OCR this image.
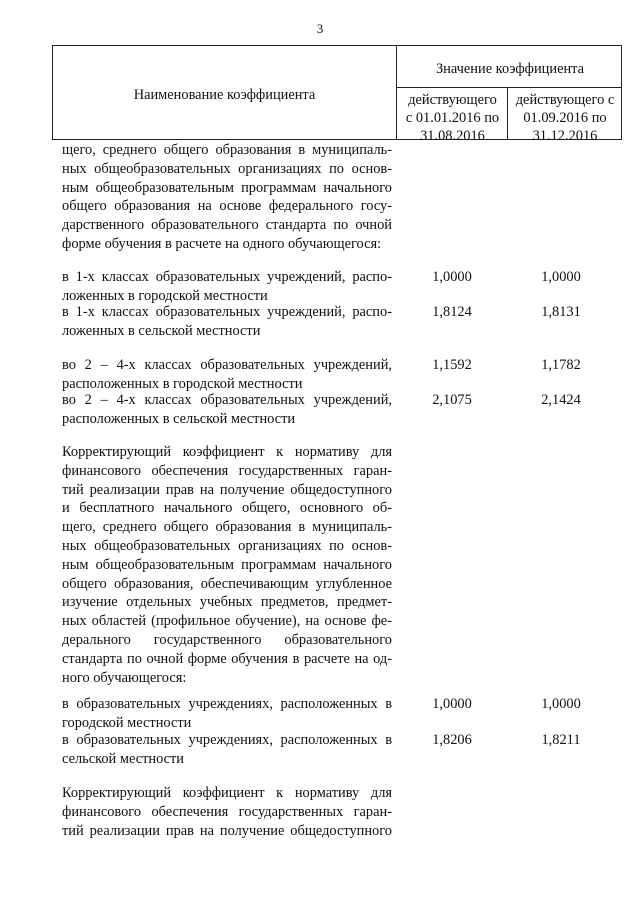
3
Наименование коэффициента
Значение коэффициента
действующего
с 01.01.2016 по
31.08.2016
действующего с
01.09.2016 по
31.12.2016
щего, среднего общего образования в муниципаль-
ных общеобразовательных организациях по основ-
ным общеобразовательным программам начального
общего образования на основе федерального госу-
дарственного образовательного стандарта по очной
форме обучения в расчете на одного обучающегося:
в 1-х классах образовательных учреждений, распо-
ложенных в городской местности
1,0000	1,0000
в 1-х классах образовательных учреждений, распо-
ложенных в сельской местности
1,8124	1,8131
во 2 – 4-х классах образовательных учреждений,
расположенных в городской местности
1,1592	1,1782
во 2 – 4-х классах образовательных учреждений,
расположенных в сельской местности
2,1075	2,1424
Корректирующий коэффициент к нормативу для
финансового обеспечения государственных гаран-
тий реализации прав на получение общедоступного
и бесплатного начального общего, основного об-
щего, среднего общего образования в муниципаль-
ных общеобразовательных организациях по основ-
ным общеобразовательным программам начального
общего образования, обеспечивающим углубленное
изучение отдельных учебных предметов, предмет-
ных областей (профильное обучение), на основе фе-
дерального государственного образовательного
стандарта по очной форме обучения в расчете на од-
ного обучающегося:
в образовательных учреждениях, расположенных в
городской местности
1,0000	1,0000
в образовательных учреждениях, расположенных в
сельской местности
1,8206	1,8211
Корректирующий коэффициент к нормативу для
финансового обеспечения государственных гаран-
тий реализации прав на получение общедоступного
